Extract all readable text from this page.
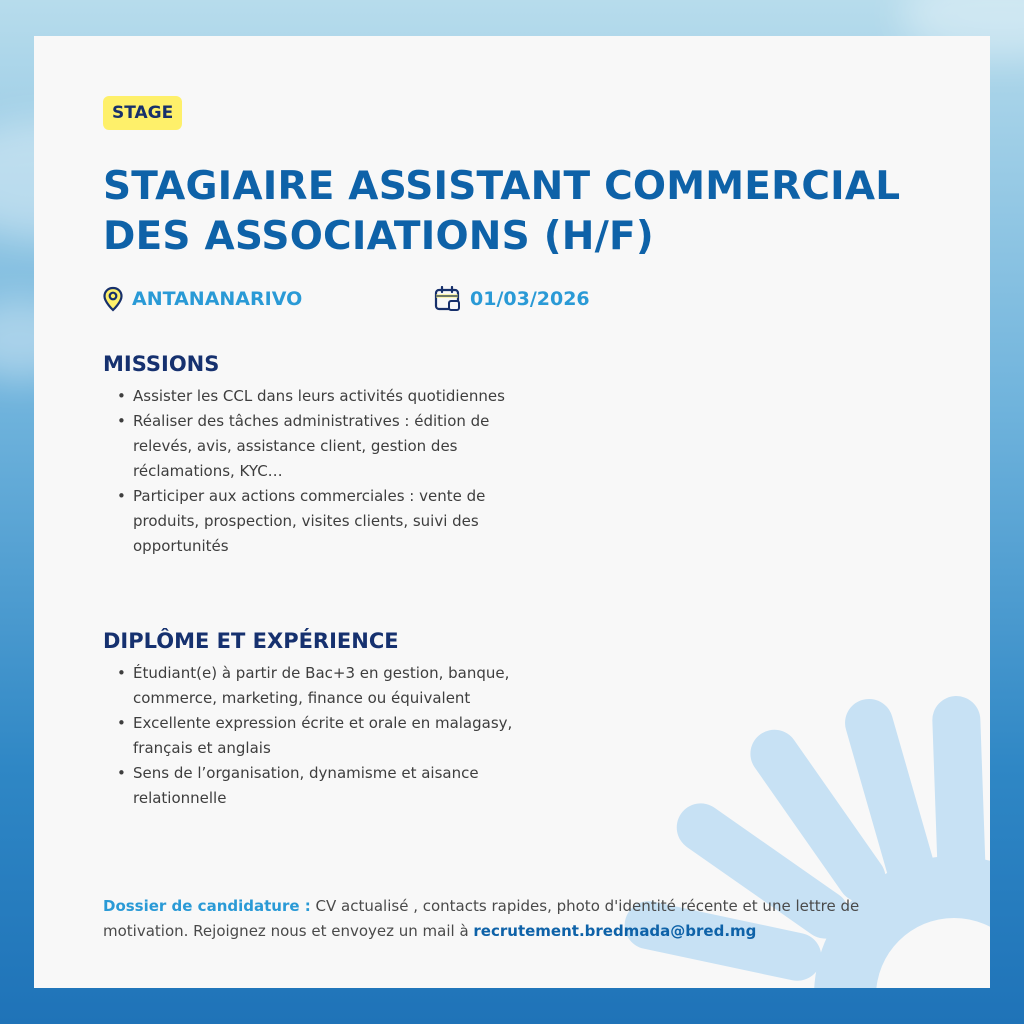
STAGE
STAGIAIRE ASSISTANT COMMERCIAL
DES ASSOCIATIONS (H/F)
ANTANANARIVO	01/03/2026
MISSIONS
• Assister les CCL dans leurs activités quotidiennes
• Réaliser des tâches administratives : édition de relevés, avis, assistance client, gestion des réclamations, KYC…
• Participer aux actions commerciales : vente de produits, prospection, visites clients, suivi des opportunités
DIPLÔME ET EXPÉRIENCE
• Étudiant(e) à partir de Bac+3 en gestion, banque, commerce, marketing, finance ou équivalent
• Excellente expression écrite et orale en malagasy, français et anglais
• Sens de l’organisation, dynamisme et aisance relationnelle
Dossier de candidature : CV actualisé , contacts rapides, photo d'identité récente et une lettre de motivation. Rejoignez nous et envoyez un mail à recrutement.bredmada@bred.mg
